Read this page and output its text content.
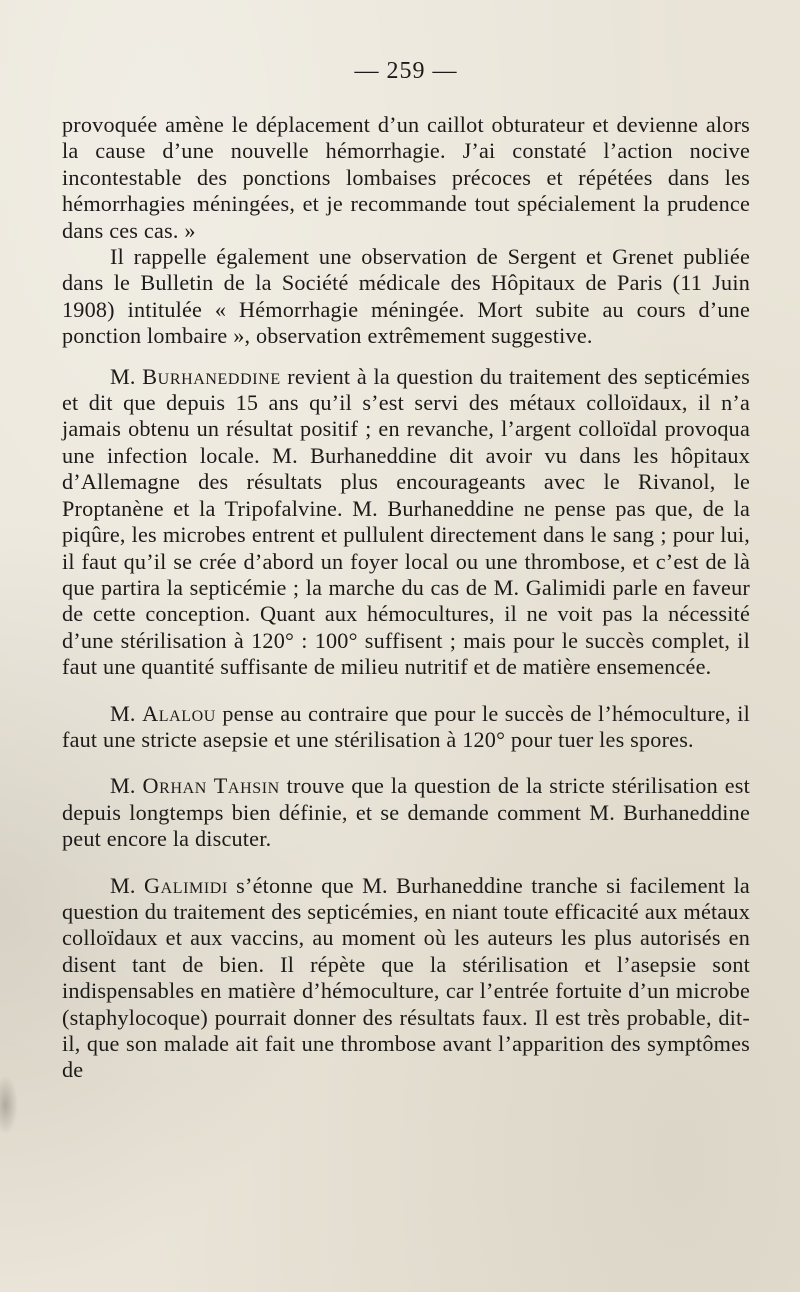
— 259 —

provoquée amène le déplacement d’un caillot obturateur et devienne alors la cause d’une nouvelle hémorrhagie. J’ai constaté l’action nocive incontestable des ponctions lombaises précoces et répétées dans les hémorrhagies méningées, et je recommande tout spécialement la prudence dans ces cas. »

Il rappelle également une observation de Sergent et Grenet publiée dans le Bulletin de la Société médicale des Hôpitaux de Paris (11 Juin 1908) intitulée « Hémorrhagie méningée. Mort subite au cours d’une ponction lombaire », observation extrêmement suggestive.

M. Burhaneddine revient à la question du traitement des septicémies et dit que depuis 15 ans qu’il s’est servi des métaux colloïdaux, il n’a jamais obtenu un résultat positif ; en revanche, l’argent colloïdal provoqua une infection locale. M. Burhaneddine dit avoir vu dans les hôpitaux d’Allemagne des résultats plus encourageants avec le Rivanol, le Proptanène et la Tripofalvine. M. Burhaneddine ne pense pas que, de la piqûre, les microbes entrent et pullulent directement dans le sang ; pour lui, il faut qu’il se crée d’abord un foyer local ou une thrombose, et c’est de là que partira la septicémie ; la marche du cas de M. Galimidi parle en faveur de cette conception. Quant aux hémocultures, il ne voit pas la nécessité d’une stérilisation à 120° : 100° suffisent ; mais pour le succès complet, il faut une quantité suffisante de milieu nutritif et de matière ensemencée.

M. Alalou pense au contraire que pour le succès de l’hémoculture, il faut une stricte asepsie et une stérilisation à 120° pour tuer les spores.

M. Orhan Tahsin trouve que la question de la stricte stérilisation est depuis longtemps bien définie, et se demande comment M. Burhaneddine peut encore la discuter.

M. Galimidi s’étonne que M. Burhaneddine tranche si facilement la question du traitement des septicémies, en niant toute efficacité aux métaux colloïdaux et aux vaccins, au moment où les auteurs les plus autorisés en disent tant de bien. Il répète que la stérilisation et l’asepsie sont indispensables en matière d’hémoculture, car l’entrée fortuite d’un microbe (staphylocoque) pourrait donner des résultats faux. Il est très probable, dit-il, que son malade ait fait une thrombose avant l’apparition des symptômes de
